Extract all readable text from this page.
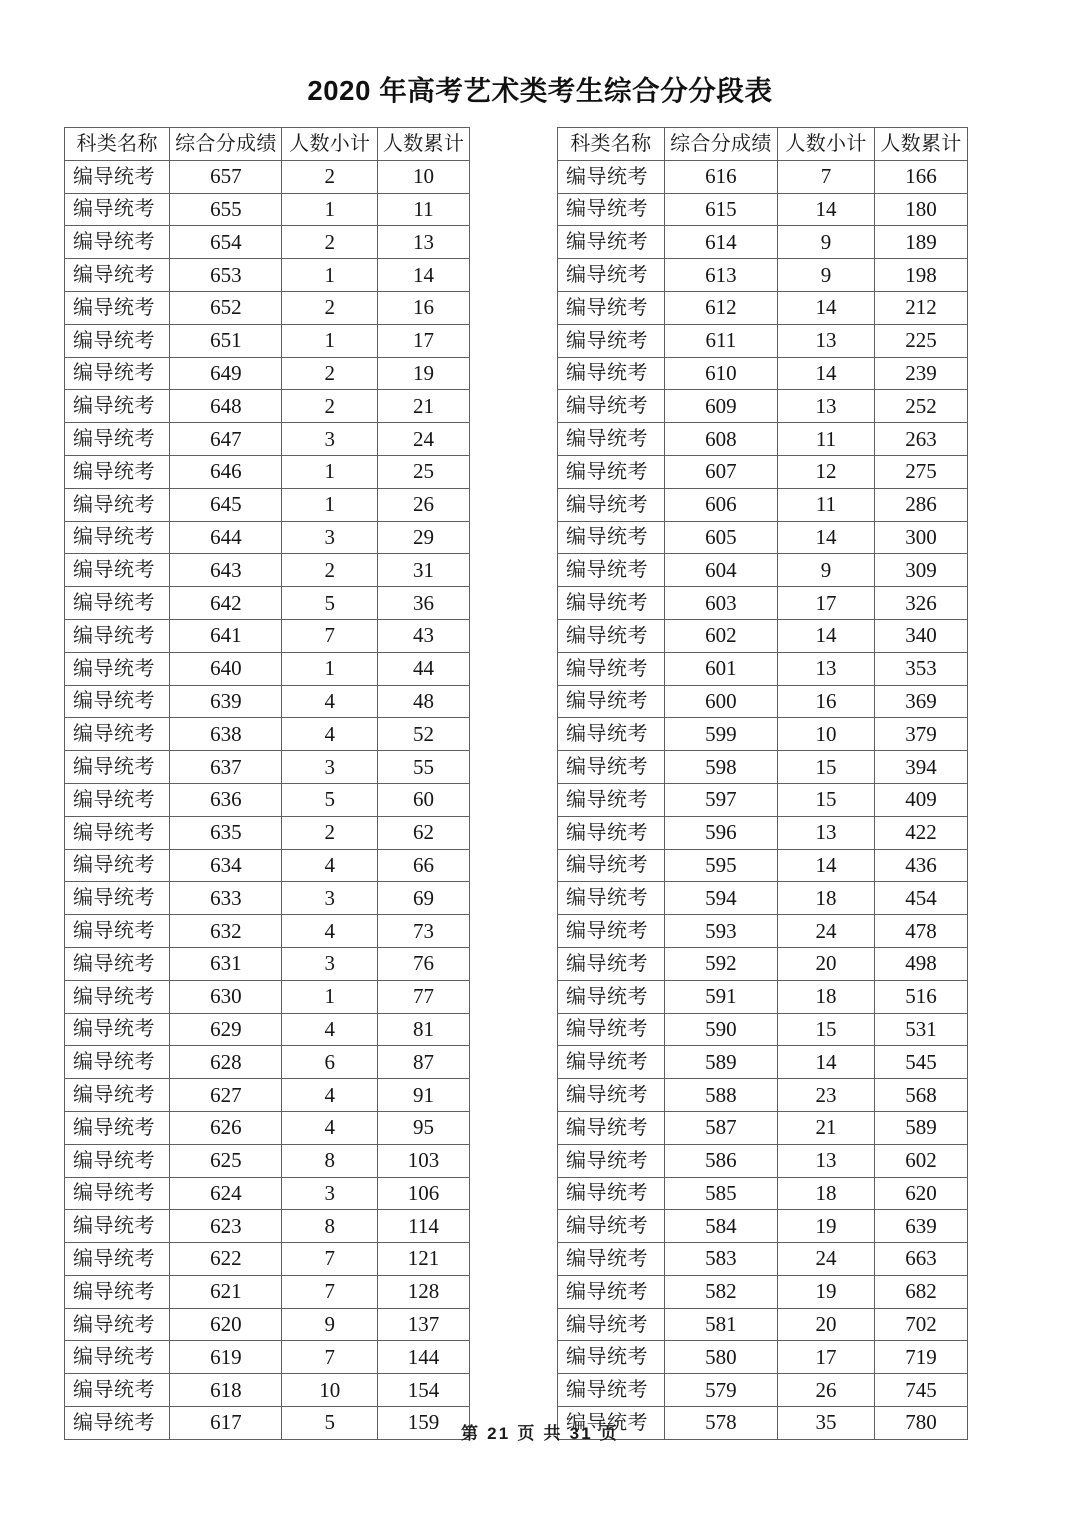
2020 年高考艺术类考生综合分分段表
科类名称	综合分成绩	人数小计	人数累计
编导统考	657	2	10
编导统考	655	1	11
编导统考	654	2	13
编导统考	653	1	14
编导统考	652	2	16
编导统考	651	1	17
编导统考	649	2	19
编导统考	648	2	21
编导统考	647	3	24
编导统考	646	1	25
编导统考	645	1	26
编导统考	644	3	29
编导统考	643	2	31
编导统考	642	5	36
编导统考	641	7	43
编导统考	640	1	44
编导统考	639	4	48
编导统考	638	4	52
编导统考	637	3	55
编导统考	636	5	60
编导统考	635	2	62
编导统考	634	4	66
编导统考	633	3	69
编导统考	632	4	73
编导统考	631	3	76
编导统考	630	1	77
编导统考	629	4	81
编导统考	628	6	87
编导统考	627	4	91
编导统考	626	4	95
编导统考	625	8	103
编导统考	624	3	106
编导统考	623	8	114
编导统考	622	7	121
编导统考	621	7	128
编导统考	620	9	137
编导统考	619	7	144
编导统考	618	10	154
编导统考	617	5	159
科类名称	综合分成绩	人数小计	人数累计
编导统考	616	7	166
编导统考	615	14	180
编导统考	614	9	189
编导统考	613	9	198
编导统考	612	14	212
编导统考	611	13	225
编导统考	610	14	239
编导统考	609	13	252
编导统考	608	11	263
编导统考	607	12	275
编导统考	606	11	286
编导统考	605	14	300
编导统考	604	9	309
编导统考	603	17	326
编导统考	602	14	340
编导统考	601	13	353
编导统考	600	16	369
编导统考	599	10	379
编导统考	598	15	394
编导统考	597	15	409
编导统考	596	13	422
编导统考	595	14	436
编导统考	594	18	454
编导统考	593	24	478
编导统考	592	20	498
编导统考	591	18	516
编导统考	590	15	531
编导统考	589	14	545
编导统考	588	23	568
编导统考	587	21	589
编导统考	586	13	602
编导统考	585	18	620
编导统考	584	19	639
编导统考	583	24	663
编导统考	582	19	682
编导统考	581	20	702
编导统考	580	17	719
编导统考	579	26	745
编导统考	578	35	780
第 21 页 共 31 页
